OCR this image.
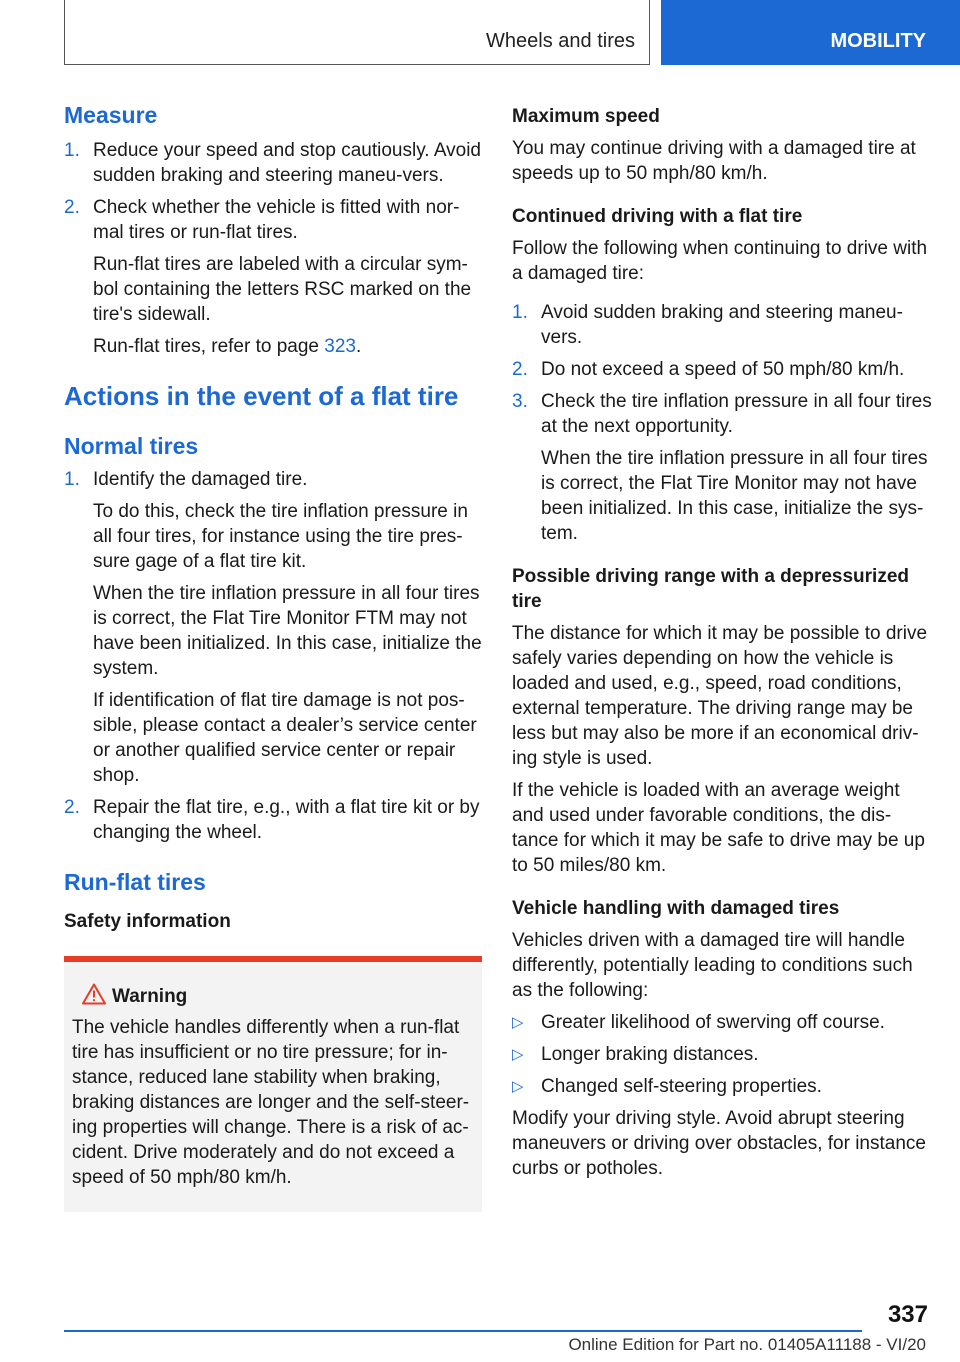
Wheels and tires	MOBILITY
Measure
1. Reduce your speed and stop cautiously. Avoid sudden braking and steering maneu-vers.

2. Check whether the vehicle is fitted with nor-mal tires or run-flat tires.

Run-flat tires are labeled with a circular sym-bol containing the letters RSC marked on the tire's sidewall.

Run-flat tires, refer to page 323.

Actions in the event of a flat tire
Normal tires
1. Identify the damaged tire.

To do this, check the tire inflation pressure in all four tires, for instance using the tire pres-sure gage of a flat tire kit.

When the tire inflation pressure in all four tires is correct, the Flat Tire Monitor FTM may not have been initialized. In this case, initialize the system.

If identification of flat tire damage is not pos-sible, please contact a dealer’s service center or another qualified service center or repair shop.

2. Repair the flat tire, e.g., with a flat tire kit or by changing the wheel.

Run-flat tires
Safety information
Warning

The vehicle handles differently when a run-flat tire has insufficient or no tire pressure; for in-stance, reduced lane stability when braking, braking distances are longer and the self-steer-ing properties will change. There is a risk of ac-cident. Drive moderately and do not exceed a speed of 50 mph/80 km/h.

Maximum speed

You may continue driving with a damaged tire at speeds up to 50 mph/80 km/h.

Continued driving with a flat tire

Follow the following when continuing to drive with a damaged tire:

1. Avoid sudden braking and steering maneu-vers.

2. Do not exceed a speed of 50 mph/80 km/h.

3. Check the tire inflation pressure in all four tires at the next opportunity.

When the tire inflation pressure in all four tires is correct, the Flat Tire Monitor may not have been initialized. In this case, initialize the sys-tem.

Possible driving range with a depressurized tire

The distance for which it may be possible to drive safely varies depending on how the vehicle is loaded and used, e.g., speed, road conditions, external temperature. The driving range may be less but may also be more if an economical driv-ing style is used.

If the vehicle is loaded with an average weight and used under favorable conditions, the dis-tance for which it may be safe to drive may be up to 50 miles/80 km.

Vehicle handling with damaged tires

Vehicles driven with a damaged tire will handle differently, potentially leading to conditions such as the following:

▷ Greater likelihood of swerving off course.

▷ Longer braking distances.

▷ Changed self-steering properties.

Modify your driving style. Avoid abrupt steering maneuvers or driving over obstacles, for instance curbs or potholes.

337
Online Edition for Part no. 01405A11188 - VI/20
